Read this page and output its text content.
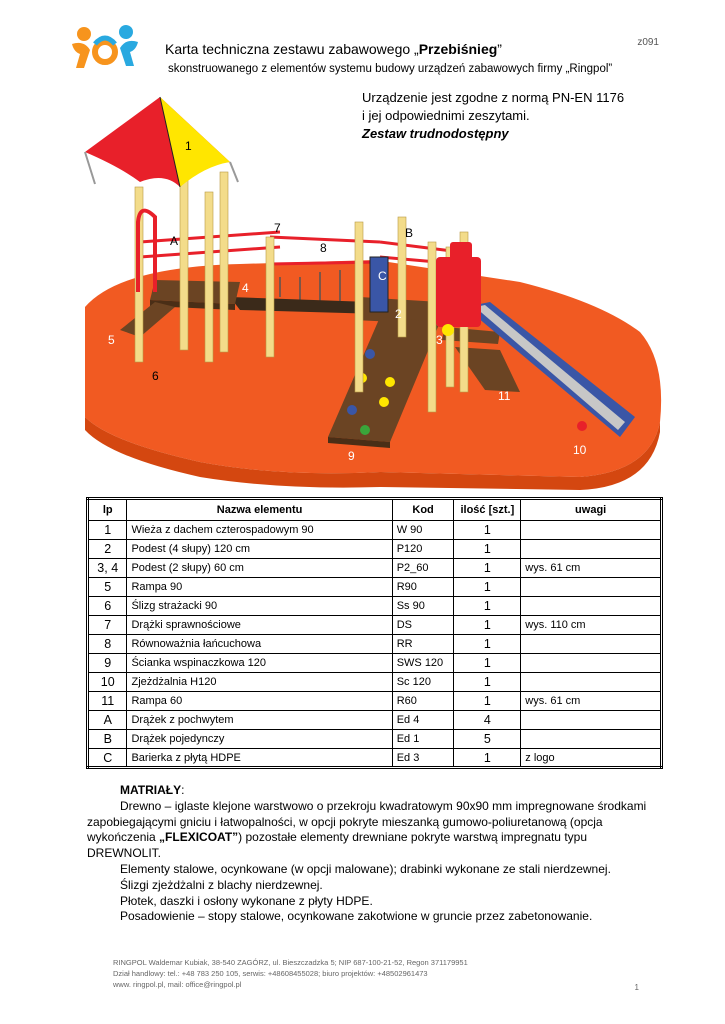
z091
Karta techniczna zestawu zabawowego „Przebiśnieg”
skonstruowanego z elementów systemu budowy urządzeń zabawowych firmy „Ringpol”
Urządzenie jest zgodne z normą PN-EN 1176
i jej odpowiednimi zeszytami.
Zestaw trudnodostępny
1
A
7
8
B
C
4
2
3
5
6
11
9	10
lp	Nazwa elementu	Kod	ilość [szt.]	uwagi
1	Wieża z dachem czterospadowym 90	W 90	1	
2	Podest (4 słupy) 120 cm	P120	1	
3, 4	Podest (2 słupy) 60 cm	P2_60	1	wys. 61 cm
5	Rampa 90	R90	1	
6	Ślizg strażacki 90	Ss 90	1	
7	Drążki sprawnościowe	DS	1	wys. 110 cm
8	Równoważnia łańcuchowa	RR	1	
9	Ścianka wspinaczkowa 120	SWS 120	1	
10	Zjeżdżalnia H120	Sc 120	1	
11	Rampa 60	R60	1	wys. 61 cm
A	Drążek z pochwytem	Ed 4	4	
B	Drążek pojedynczy	Ed 1	5	
C	Barierka z płytą HDPE	Ed 3	1	z logo

MATRIAŁY:

Drewno – iglaste klejone warstwowo o przekroju kwadratowym 90x90 mm impregnowane środkami zapobiegającymi gniciu i łatwopalności, w opcji pokryte mieszanką gumowo-poliuretanową (opcja wykończenia „FLEXICOAT”) pozostałe elementy drewniane pokryte warstwą impregnatu typu DREWNOLIT.

Elementy stalowe, ocynkowane (w opcji malowane); drabinki wykonane ze stali nierdzewnej.

Ślizgi zjeżdżalni z blachy nierdzewnej.

Płotek, daszki i osłony wykonane z płyty HDPE.

Posadowienie – stopy stalowe, ocynkowane zakotwione w gruncie przez zabetonowanie.

RINGPOL Waldemar Kubiak, 38-540 ZAGÓRZ, ul. Bieszczadzka 5; NIP 687-100-21-52, Regon 371179951
Dział handlowy: tel.: +48 783 250 105, serwis: +48608455028; biuro projektów: +48502961473
www. ringpol.pl, mail: office@ringpol.pl	1
